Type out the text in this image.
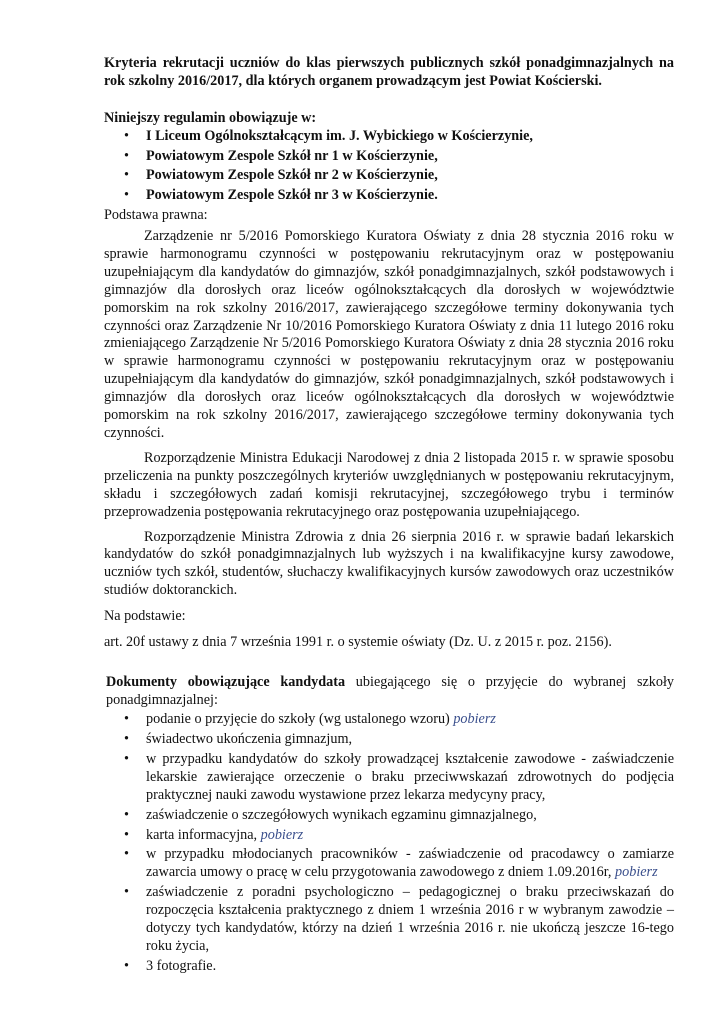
Kryteria rekrutacji uczniów do klas pierwszych publicznych szkół ponadgimnazjalnych na rok szkolny 2016/2017, dla których organem prowadzącym jest Powiat Kościerski.

Niniejszy regulamin obowiązuje w:

• I Liceum Ogólnokształcącym im. J. Wybickiego w Kościerzynie,
• Powiatowym Zespole Szkół nr 1 w Kościerzynie,
• Powiatowym Zespole Szkół nr 2 w Kościerzynie,
• Powiatowym Zespole Szkół nr 3 w Kościerzynie.

Podstawa prawna:

Zarządzenie nr 5/2016 Pomorskiego Kuratora Oświaty z dnia 28 stycznia 2016 roku w sprawie harmonogramu czynności w postępowaniu rekrutacyjnym oraz w postępowaniu uzupełniającym dla kandydatów do gimnazjów, szkół ponadgimnazjalnych, szkół podstawowych i gimnazjów dla dorosłych oraz liceów ogólnokształcących dla dorosłych w województwie pomorskim na rok szkolny 2016/2017, zawierającego szczegółowe terminy dokonywania tych czynności oraz Zarządzenie Nr 10/2016 Pomorskiego Kuratora Oświaty z dnia 11 lutego 2016 roku zmieniającego Zarządzenie Nr 5/2016 Pomorskiego Kuratora Oświaty z dnia 28 stycznia 2016 roku w sprawie harmonogramu czynności w postępowaniu rekrutacyjnym oraz w postępowaniu uzupełniającym dla kandydatów do gimnazjów, szkół ponadgimnazjalnych, szkół podstawowych i gimnazjów dla dorosłych oraz liceów ogólnokształcących dla dorosłych w województwie pomorskim na rok szkolny 2016/2017, zawierającego szczegółowe terminy dokonywania tych czynności.

Rozporządzenie Ministra Edukacji Narodowej z dnia 2 listopada 2015 r. w sprawie sposobu przeliczenia na punkty poszczególnych kryteriów uwzględnianych w postępowaniu rekrutacyjnym, składu i szczegółowych zadań komisji rekrutacyjnej, szczegółowego trybu i terminów przeprowadzenia postępowania rekrutacyjnego oraz postępowania uzupełniającego.

Rozporządzenie Ministra Zdrowia z dnia 26 sierpnia 2016 r. w sprawie badań lekarskich kandydatów do szkół ponadgimnazjalnych lub wyższych i na kwalifikacyjne kursy zawodowe, uczniów tych szkół, studentów, słuchaczy kwalifikacyjnych kursów zawodowych oraz uczestników studiów doktoranckich.

Na podstawie:

art. 20f ustawy z dnia 7 września 1991 r. o systemie oświaty (Dz. U. z 2015 r. poz. 2156).

Dokumenty obowiązujące kandydata ubiegającego się o przyjęcie do wybranej szkoły ponadgimnazjalnej:

• podanie o przyjęcie do szkoły (wg ustalonego wzoru) pobierz
• świadectwo ukończenia gimnazjum,
• w przypadku kandydatów do szkoły prowadzącej kształcenie zawodowe - zaświadczenie lekarskie zawierające orzeczenie o braku przeciwwskazań zdrowotnych do podjęcia praktycznej nauki zawodu wystawione przez lekarza medycyny pracy,
• zaświadczenie o szczegółowych wynikach egzaminu gimnazjalnego,
• karta informacyjna, pobierz
• w przypadku młodocianych pracowników - zaświadczenie od pracodawcy o zamiarze zawarcia umowy o pracę w celu przygotowania zawodowego z dniem 1.09.2016r, pobierz
• zaświadczenie z poradni psychologiczno – pedagogicznej o braku przeciwskazań do rozpoczęcia kształcenia praktycznego z dniem 1 września 2016 r w wybranym zawodzie – dotyczy tych kandydatów, którzy na dzień 1 września 2016 r. nie ukończą jeszcze 16-tego roku życia,
• 3 fotografie.
